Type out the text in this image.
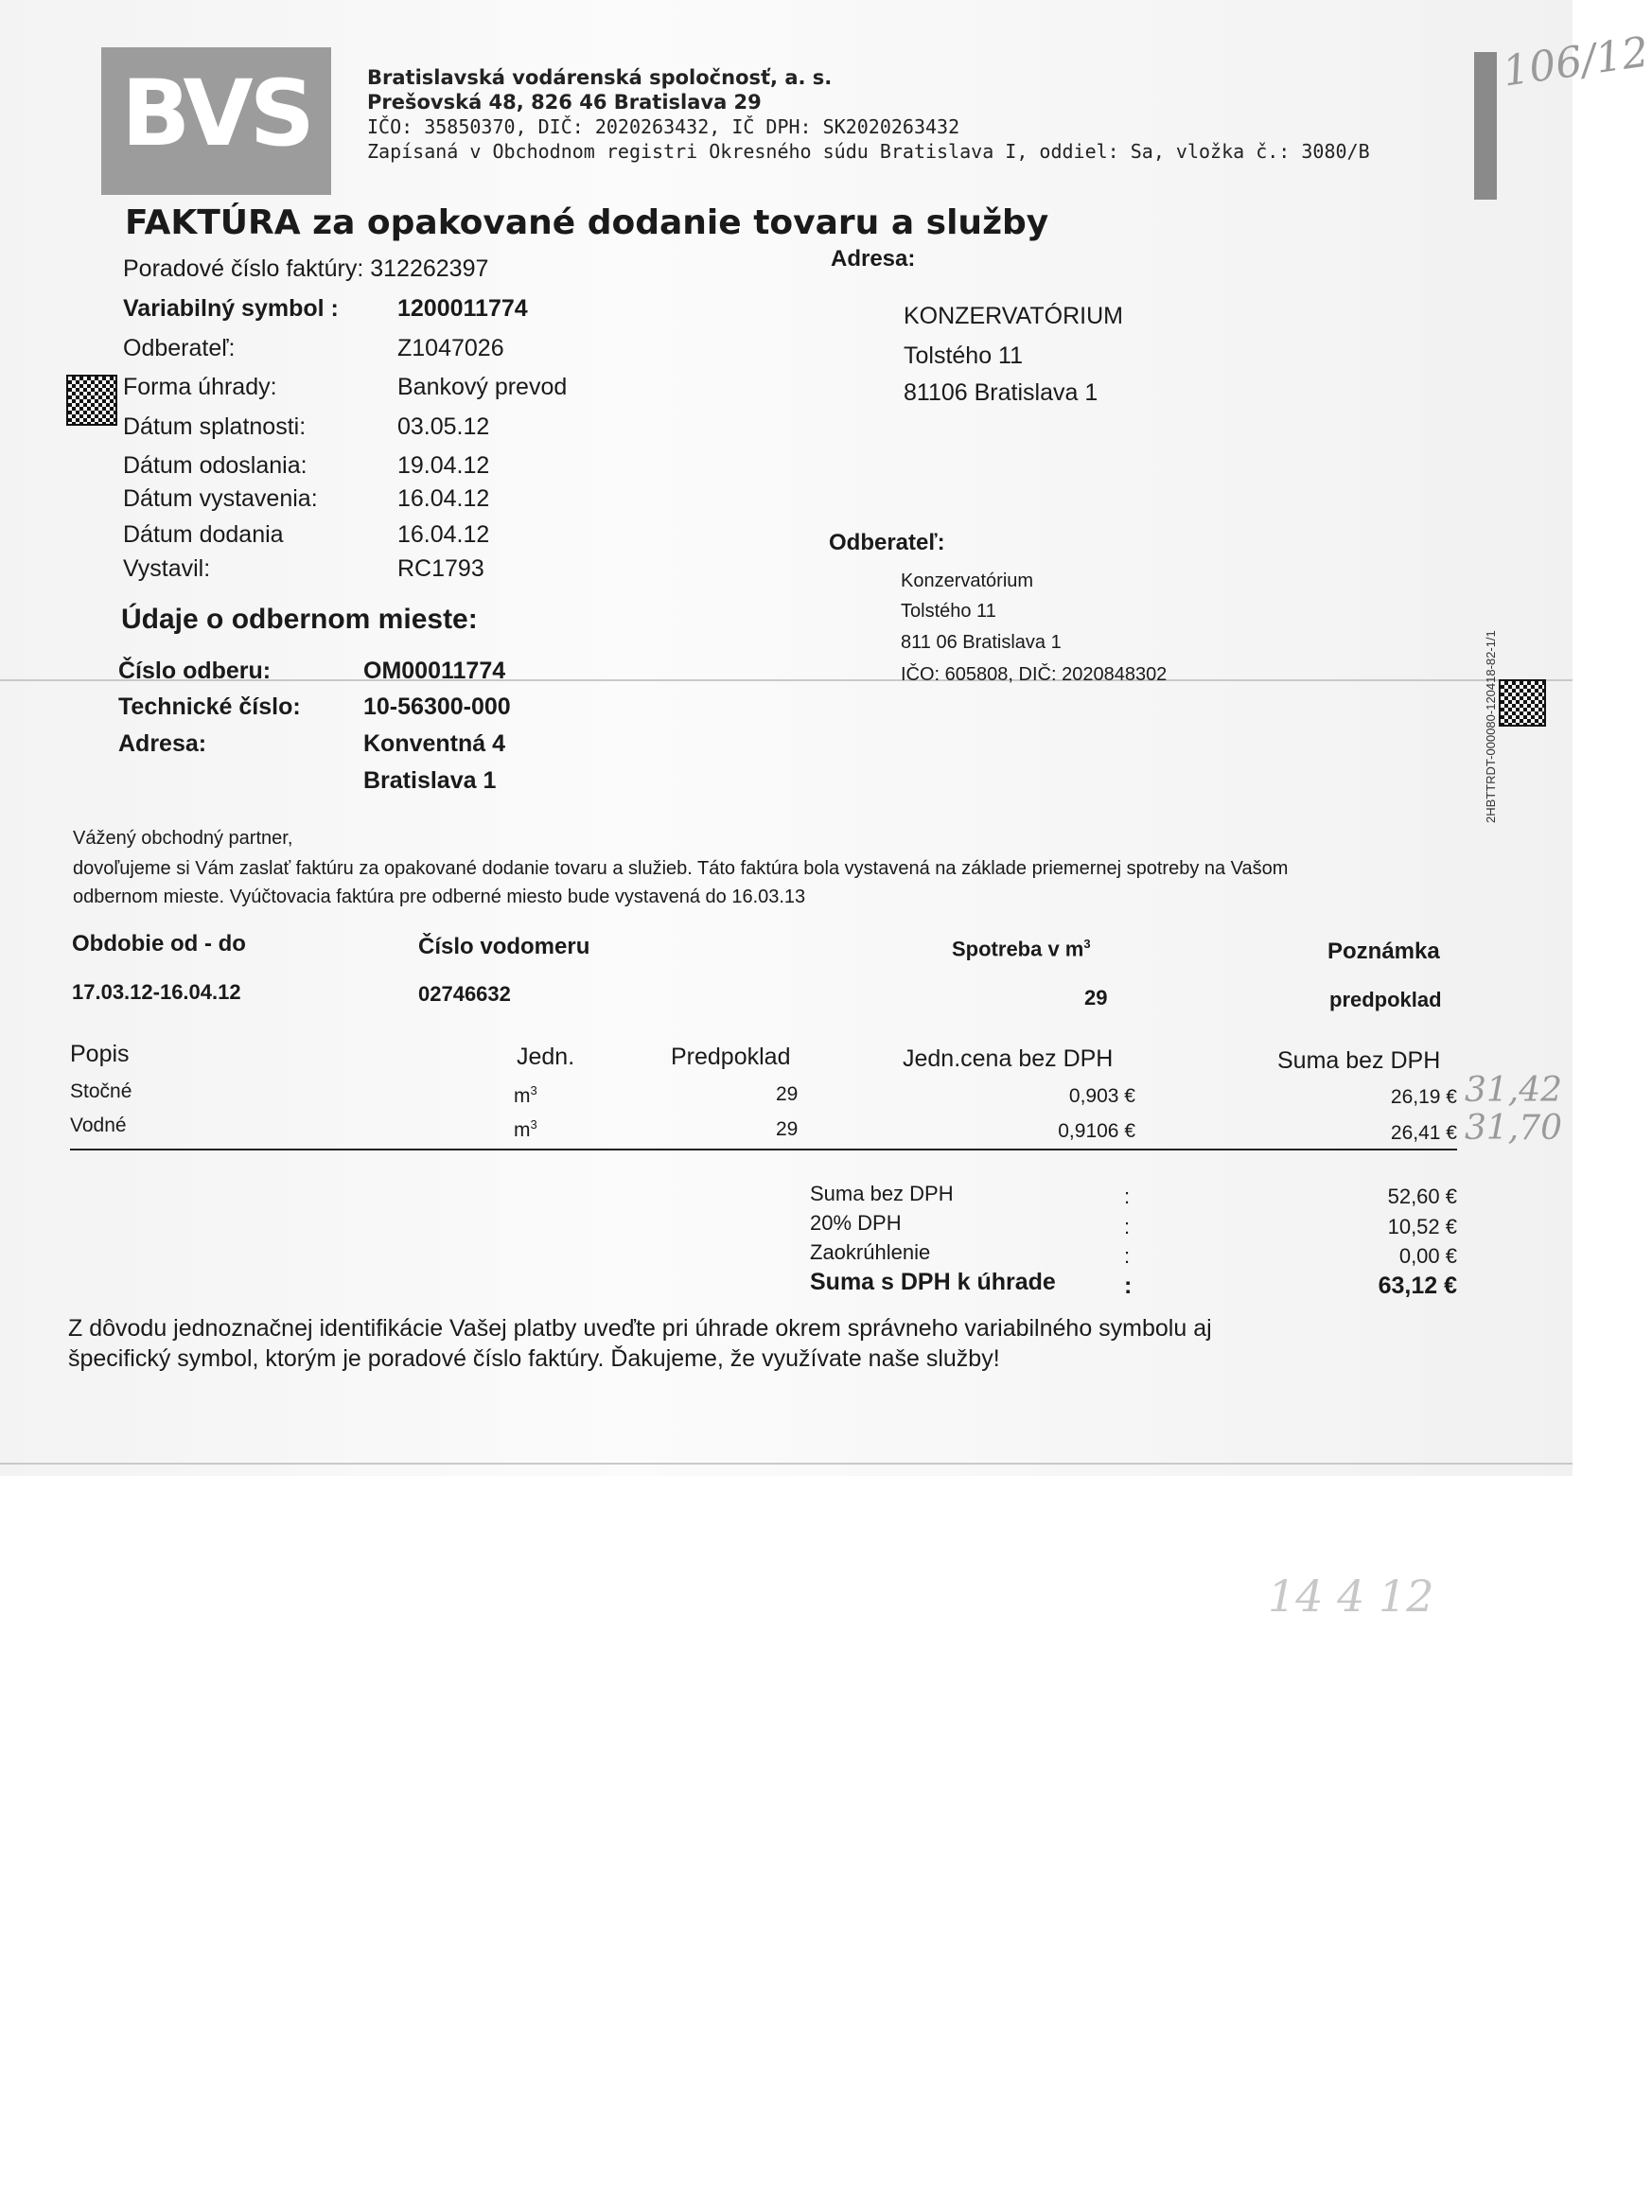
BVS	Bratislavská vodárenská spoločnosť, a. s.
Prešovská 48, 826 46 Bratislava 29
IČO: 35850370, DIČ: 2020263432, IČ DPH: SK2020263432
Zapísaná v Obchodnom registri Okresného súdu Bratislava I, oddiel: Sa, vložka č.: 3080/B
106/12
FAKTÚRA za opakované dodanie tovaru a služby
Poradové číslo faktúry: 312262397
Variabilný symbol : 1200011774
Odberateľ:	Z1047026
Forma úhrady:	Bankový prevod
Dátum splatnosti:	03.05.12
Dátum odoslania:	19.04.12
Dátum vystavenia:	16.04.12
Dátum dodania	16.04.12
Vystavil:	RC1793
Adresa:
KONZERVATÓRIUM
Tolstého 11
81106 Bratislava 1
Odberateľ:
Konzervatórium
Tolstého 11
811 06 Bratislava 1
IČO: 605808, DIČ: 2020848302
Údaje o odbernom mieste:
Číslo odberu:	OM00011774
Technické číslo:	10-56300-000
Adresa:	Konventná 4
Bratislava 1	2HBTTRDT-000080-120418-82-1/1
Vážený obchodný partner,
dovoľujeme si Vám zaslať faktúru za opakované dodanie tovaru a služieb. Táto faktúra bola vystavená na základe priemernej spotreby na Vašom
odbernom mieste. Vyúčtovacia faktúra pre odberné miesto bude vystavená do 16.03.13
Obdobie od - do	Číslo vodomeru	Spotreba v $m^3$	Poznámka
17.03.12-16.04.12	02746632	29	predpoklad
Popis	Jedn.	Predpoklad	Jedn.cena bez DPH	Suma bez DPH
Stočné	$m^3$	29	0,903 €	26,19 € 31,42
Vodné	$m^3$	29	0,9106 €	26,41 € 31,70
Suma bez DPH	:	52,60 €
20% DPH	:	10,52 €
Zaokrúhlenie	:	0,00 €
Suma s DPH k úhrade	:	63,12 €
Z dôvodu jednoznačnej identifikácie Vašej platby uveďte pri úhrade okrem správneho variabilného symbolu aj
špecifický symbol, ktorým je poradové číslo faktúry. Ďakujeme, že využívate naše služby!
14 4 12
